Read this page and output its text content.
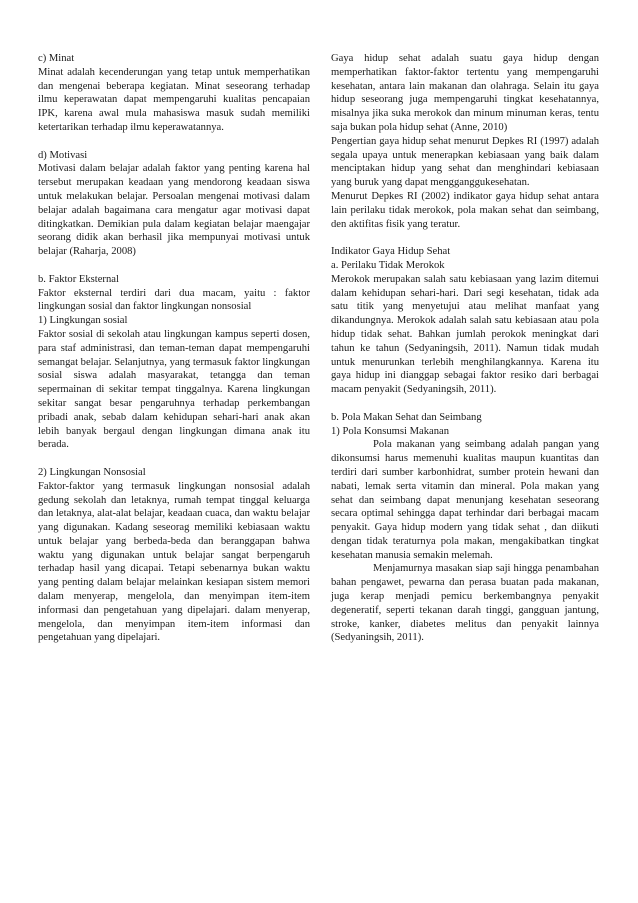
c) Minat

Minat adalah kecenderungan yang tetap untuk memperhatikan dan mengenai beberapa kegiatan. Minat seseorang terhadap ilmu keperawatan dapat mempengaruhi kualitas pencapaian IPK, karena awal mula mahasiswa masuk sudah memiliki ketertarikan terhadap ilmu keperawatannya.

d) Motivasi

Motivasi dalam belajar adalah faktor yang penting karena hal tersebut merupakan keadaan yang mendorong keadaan siswa untuk melakukan belajar. Persoalan mengenai motivasi dalam belajar adalah bagaimana cara mengatur agar motivasi dapat ditingkatkan. Demikian pula dalam kegiatan belajar maengajar seorang didik akan berhasil jika mempunyai motivasi untuk belajar (Raharja, 2008)

b. Faktor Eksternal

Faktor eksternal terdiri dari dua macam, yaitu : faktor lingkungan sosial dan faktor lingkungan nonsosial

1) Lingkungan sosial

Faktor sosial di sekolah atau lingkungan kampus seperti dosen, para staf administrasi, dan teman-teman dapat mempengaruhi semangat belajar. Selanjutnya, yang termasuk faktor lingkungan sosial siswa adalah masyarakat, tetangga dan teman sepermainan di sekitar tempat tinggalnya. Karena lingkungan sekitar sangat besar pengaruhnya terhadap perkembangan pribadi anak, sebab dalam kehidupan sehari-hari anak akan lebih banyak bergaul dengan lingkungan dimana anak itu berada.

2) Lingkungan Nonsosial

Faktor-faktor yang termasuk lingkungan nonsosial adalah gedung sekolah dan letaknya, rumah tempat tinggal keluarga dan letaknya, alat-alat belajar, keadaan cuaca, dan waktu belajar yang digunakan. Kadang seseorag memiliki kebiasaan waktu untuk belajar yang berbeda-beda dan beranggapan bahwa waktu yang digunakan untuk belajar sangat berpengaruh terhadap hasil yang dicapai. Tetapi sebenarnya bukan waktu yang penting dalam belajar melainkan kesiapan sistem memori dalam menyerap, mengelola, dan menyimpan item-item informasi dan pengetahuan yang dipelajari. dalam menyerap, mengelola, dan menyimpan item-item informasi dan pengetahuan yang dipelajari.

Gaya hidup sehat adalah suatu gaya hidup dengan memperhatikan faktor-faktor tertentu yang mempengaruhi kesehatan, antara lain makanan dan olahraga. Selain itu gaya hidup seseorang juga mempengaruhi tingkat kesehatannya, misalnya jika suka merokok dan minum minuman keras, tentu saja bukan pola hidup sehat (Anne, 2010)

Pengertian gaya hidup sehat menurut Depkes RI (1997) adalah segala upaya untuk menerapkan kebiasaan yang baik dalam menciptakan hidup yang sehat dan menghindari kebiasaan yang buruk yang dapat mengganggukesehatan.

Menurut Depkes RI (2002) indikator gaya hidup sehat antara lain perilaku tidak merokok, pola makan sehat dan seimbang, den aktifitas fisik yang teratur.

Indikator Gaya Hidup Sehat

a. Perilaku Tidak Merokok

Merokok merupakan salah satu kebiasaan yang lazim ditemui dalam kehidupan sehari-hari. Dari segi kesehatan, tidak ada satu titik yang menyetujui atau melihat manfaat yang dikandungnya. Merokok adalah salah satu kebiasaan atau pola hidup tidak sehat. Bahkan jumlah perokok meningkat dari tahun ke tahun (Sedyaningsih, 2011). Namun tidak mudah untuk menurunkan terlebih menghilangkannya. Karena itu gaya hidup ini dianggap sebagai faktor resiko dari berbagai macam penyakit (Sedyaningsih, 2011).

b. Pola Makan Sehat dan Seimbang

1) Pola Konsumsi Makanan

Pola makanan yang seimbang adalah pangan yang dikonsumsi harus memenuhi kualitas maupun kuantitas dan terdiri dari sumber karbonhidrat, sumber protein hewani dan nabati, lemak serta vitamin dan mineral. Pola makan yang sehat dan seimbang dapat menunjang kesehatan seseorang secara optimal sehingga dapat terhindar dari berbagai macam penyakit. Gaya hidup modern yang tidak sehat , dan diikuti dengan tidak teraturnya pola makan, mengakibatkan tingkat kesehatan manusia semakin melemah.

Menjamurnya masakan siap saji hingga penambahan bahan pengawet, pewarna dan perasa buatan pada makanan, juga kerap menjadi pemicu berkembangnya penyakit degeneratif, seperti tekanan darah tinggi, gangguan jantung, stroke, kanker, diabetes melitus dan penyakit lainnya (Sedyaningsih, 2011).
